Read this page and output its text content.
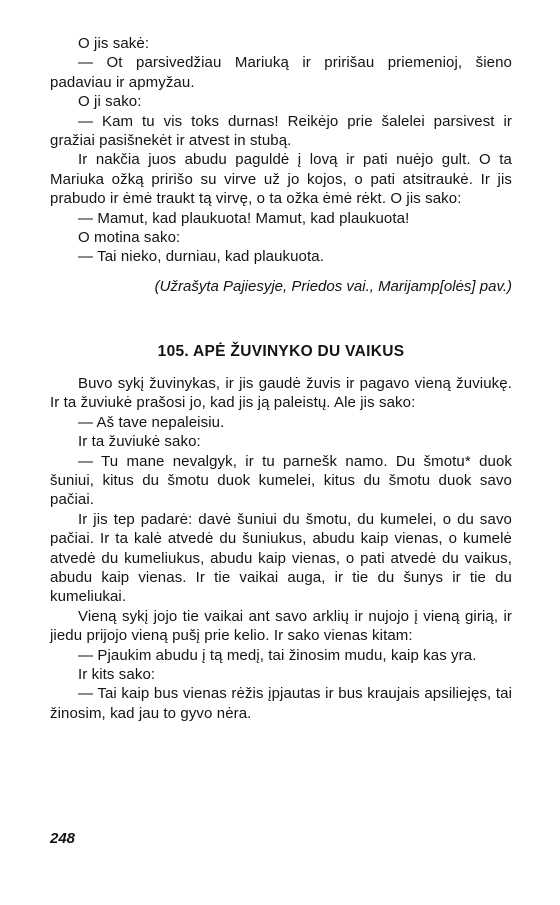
O jis sakė:

— Ot parsivedžiau Mariuką ir pririšau priemenioj, šieno padaviau ir apmyžau.

O ji sako:

— Kam tu vis toks durnas! Reikėjo prie šalelei parsivest ir gražiai pasišnekėt ir atvest in stubą.

Ir nakčia juos abudu paguldė į lovą ir pati nuėjo gult. O ta Mariuka ožką pririšo su virve už jo kojos, o pati atsitraukė. Ir jis prabudo ir ėmė traukt tą virvę, o ta ožka ėmė rėkt. O jis sako:

— Mamut, kad plaukuota! Mamut, kad plaukuota!

O motina sako:

— Tai nieko, durniau, kad plaukuota.

(Užrašyta Pajiesyje, Priedos vai., Marijamp[olės] pav.)

105. APĖ ŽUVINYKO DU VAIKUS

Buvo sykį žuvinykas, ir jis gaudė žuvis ir pagavo vieną žuviukę. Ir ta žuviukė prašosi jo, kad jis ją paleistų. Ale jis sako:

— Aš tave nepaleisiu.

Ir ta žuviukė sako:

— Tu mane nevalgyk, ir tu parnešk namo. Du šmotu* duok šuniui, kitus du šmotu duok kumelei, kitus du šmotu duok savo pačiai.

Ir jis tep padarė: davė šuniui du šmotu, du kumelei, o du savo pačiai. Ir ta kalė atvedė du šuniukus, abudu kaip vienas, o kumelė atvedė du kumeliukus, abudu kaip vienas, o pati atvedė du vaikus, abudu kaip vienas. Ir tie vaikai auga, ir tie du šunys ir tie du kumeliukai.

Vieną sykį jojo tie vaikai ant savo arklių ir nujojo į vieną girią, ir jiedu prijojo vieną pušį prie kelio. Ir sako vienas kitam:

— Pjaukim abudu į tą medį, tai žinosim mudu, kaip kas yra.

Ir kits sako:

— Tai kaip bus vienas rėžis įpjautas ir bus kraujais apsiliejęs, tai žinosim, kad jau to gyvo nėra.

248
